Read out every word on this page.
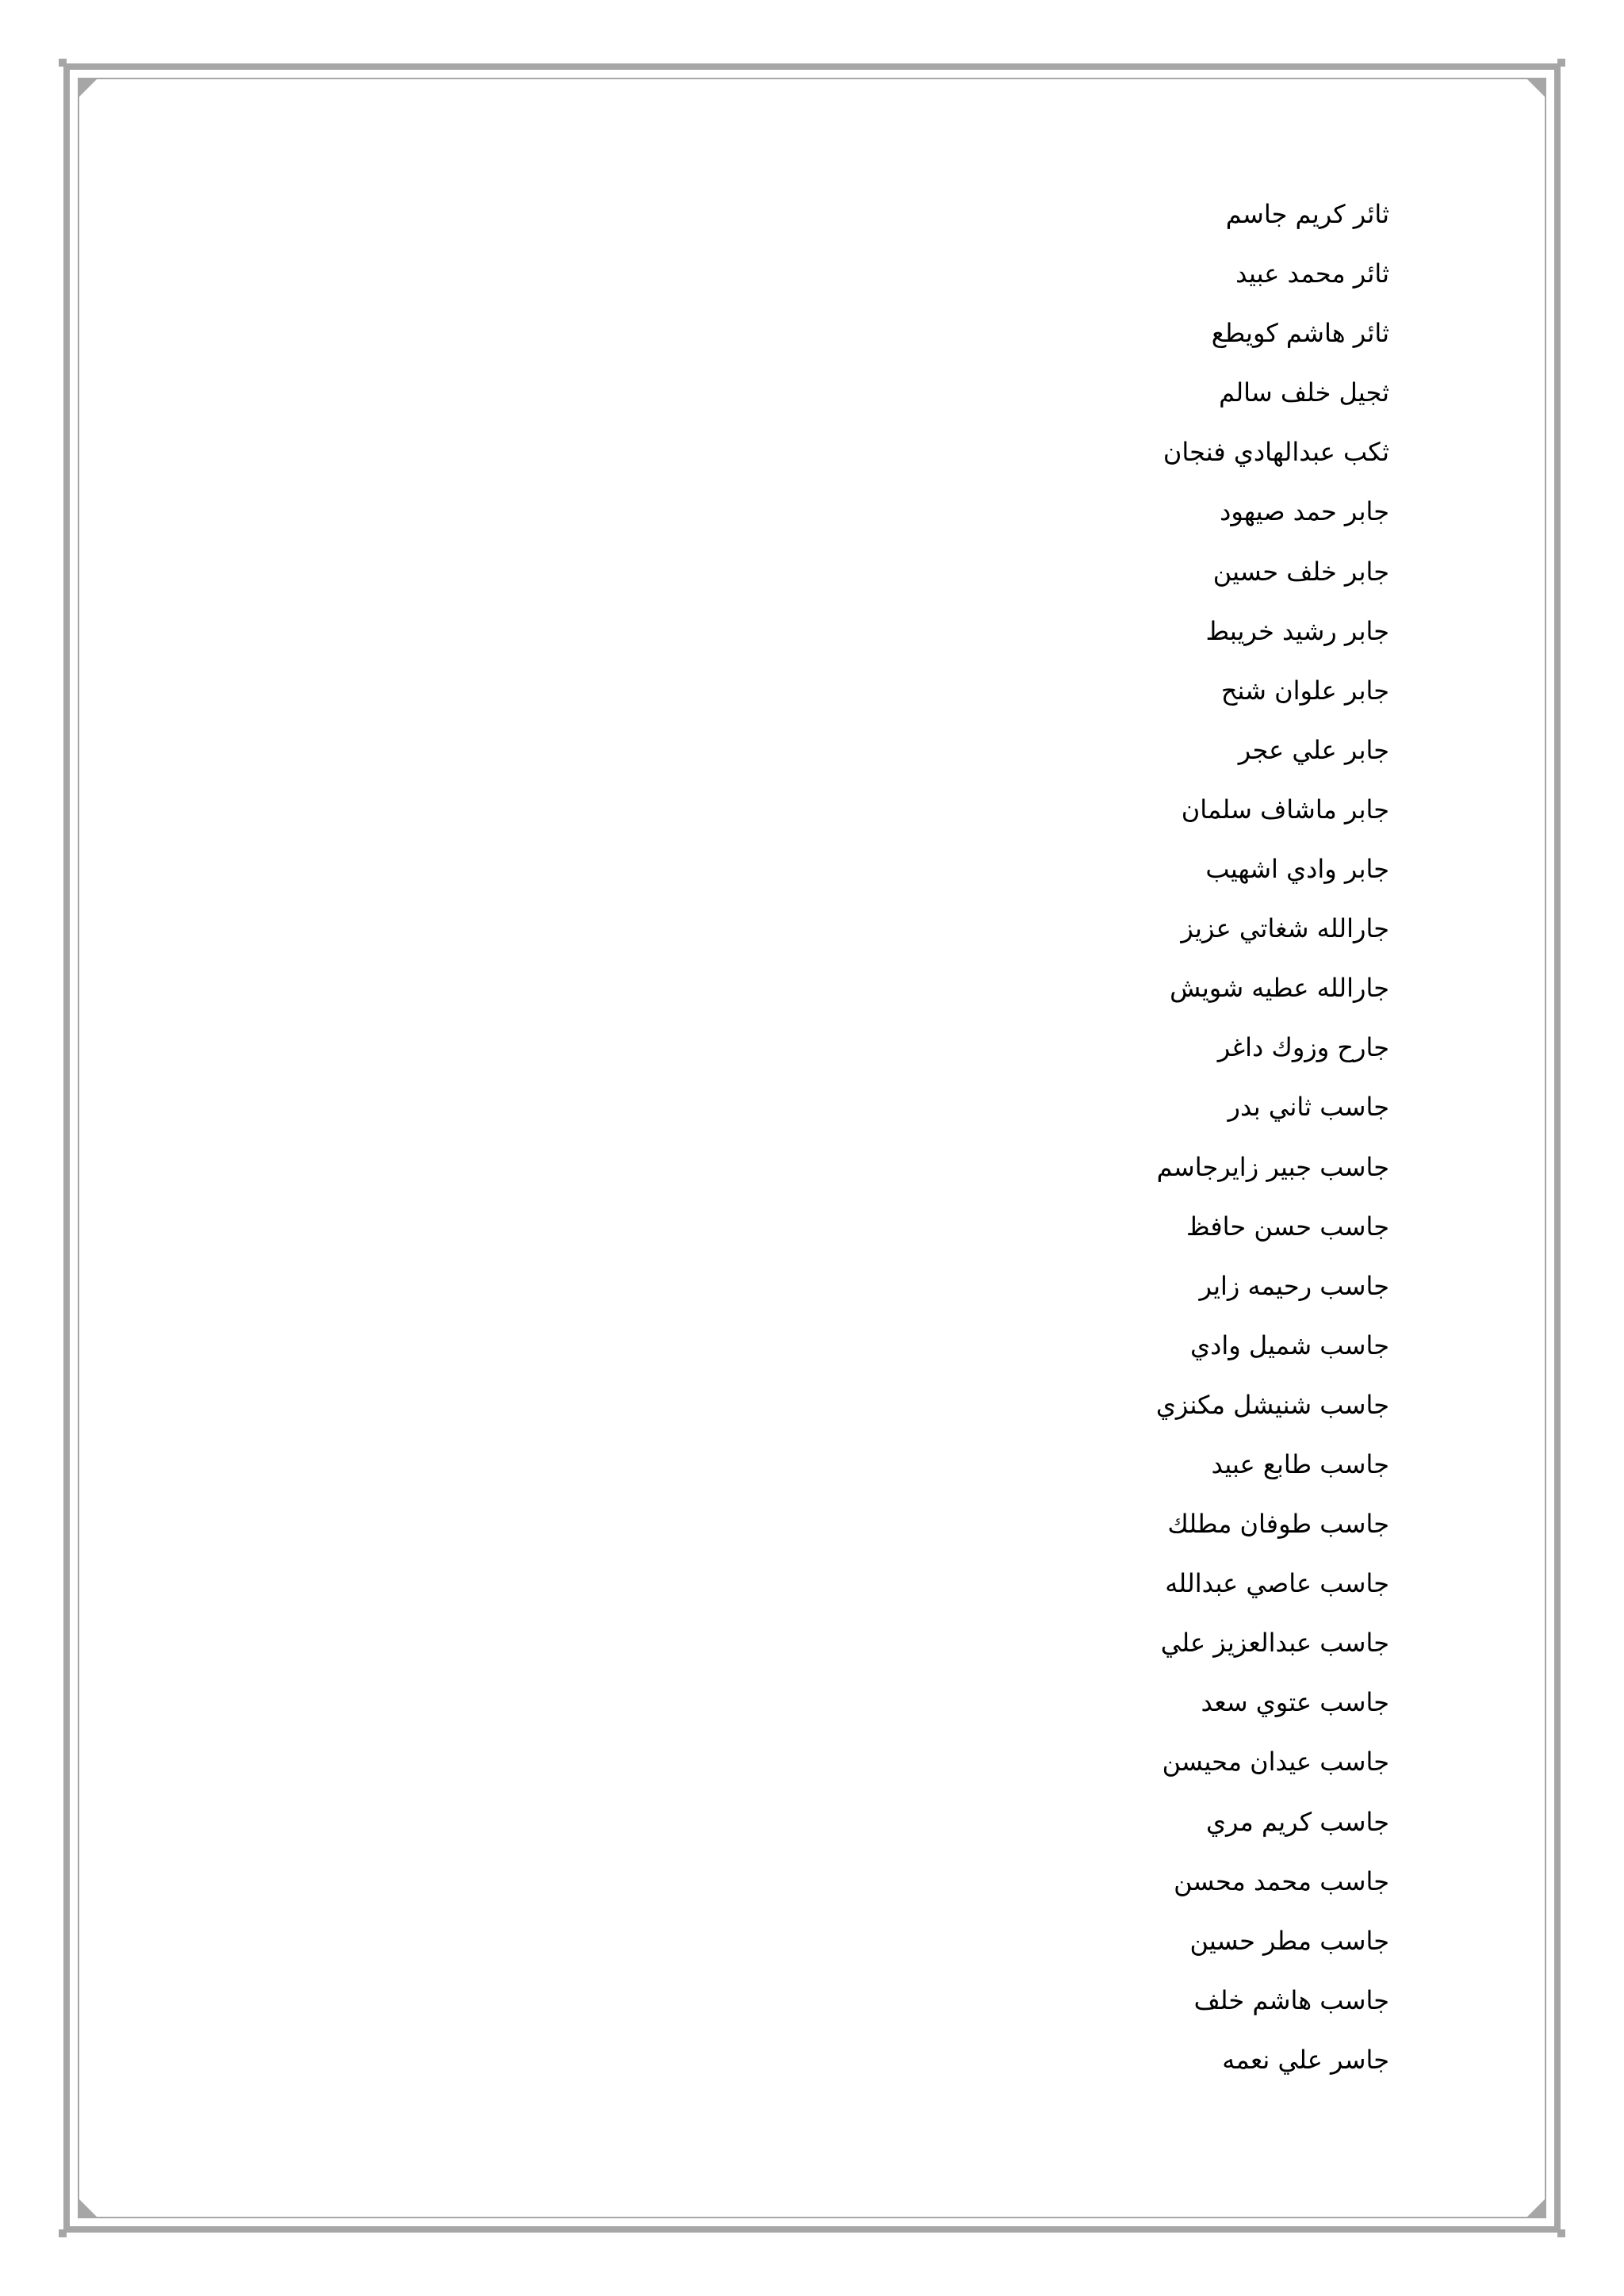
ثائر كريم جاسم
ثائر محمد عبيد
ثائر هاشم كويطع
ثجيل خلف سالم
ثكب عبدالهادي فنجان
جابر حمد صيهود
جابر خلف حسين
جابر رشيد خريبط
جابر علوان شنح
جابر علي عجر
جابر ماشاف سلمان
جابر وادي اشهيب
جارالله شغاتي عزيز
جارالله عطيه شويش
جارح وزوك داغر
جاسب ثاني بدر
جاسب جبير زايرجاسم
جاسب حسن حافظ
جاسب رحيمه زاير
جاسب شميل وادي
جاسب شنيشل مكنزي
جاسب طابع عبيد
جاسب طوفان مطلك
جاسب عاصي عبدالله
جاسب عبدالعزيز علي
جاسب عتوي سعد
جاسب عيدان محيسن
جاسب كريم مري
جاسب محمد محسن
جاسب مطر حسين
جاسب هاشم خلف
جاسر علي نعمه
